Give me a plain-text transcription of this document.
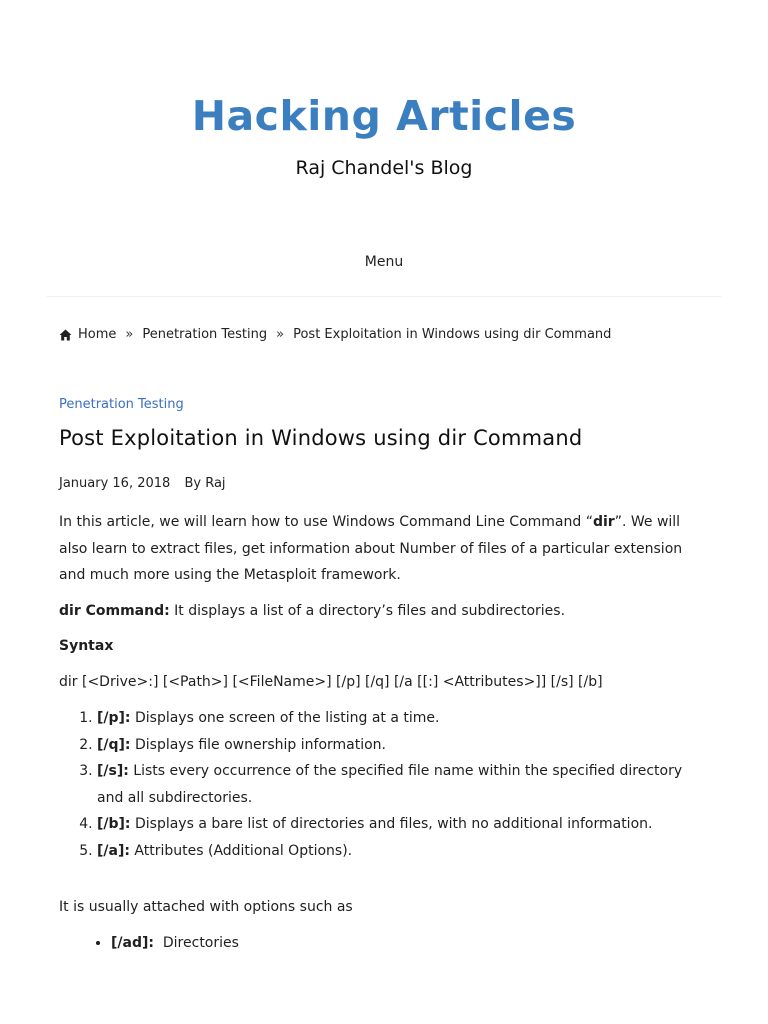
Hacking Articles

Raj Chandel's Blog

Menu
Home » Penetration Testing » Post Exploitation in Windows using dir Command
Penetration Testing
Post Exploitation in Windows using dir Command
January 16, 2018 By Raj

In this article, we will learn how to use Windows Command Line Command “dir”. We will also learn to extract files, get information about Number of files of a particular extension and much more using the Metasploit framework.

dir Command: It displays a list of a directory’s files and subdirectories.

Syntax

dir [<Drive>:] [<Path>] [<FileName>] [/p] [/q] [/a [[:] <Attributes>]] [/s] [/b]

1. [/p]: Displays one screen of the listing at a time.
2. [/q]: Displays file ownership information.
3. [/s]: Lists every occurrence of the specified file name within the specified directory and all subdirectories.
4. [/b]: Displays a bare list of directories and files, with no additional information.
5. [/a]: Attributes (Additional Options).

It is usually attached with options such as

• [/ad]:  Directories
